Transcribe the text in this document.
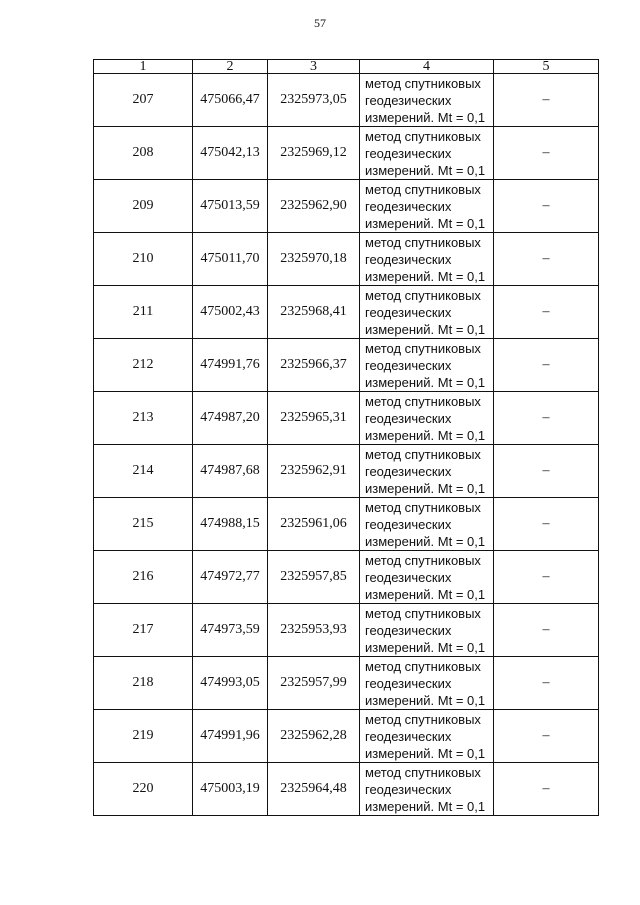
57
1	2	3	4	5
207	475066,47	2325973,05	метод спутниковых
геодезических
измерений. Mt = 0,1	–
208	475042,13	2325969,12	метод спутниковых
геодезических
измерений. Mt = 0,1	–
209	475013,59	2325962,90	метод спутниковых
геодезических
измерений. Mt = 0,1	–
210	475011,70	2325970,18	метод спутниковых
геодезических
измерений. Mt = 0,1	–
211	475002,43	2325968,41	метод спутниковых
геодезических
измерений. Mt = 0,1	–
212	474991,76	2325966,37	метод спутниковых
геодезических
измерений. Mt = 0,1	–
213	474987,20	2325965,31	метод спутниковых
геодезических
измерений. Mt = 0,1	–
214	474987,68	2325962,91	метод спутниковых
геодезических
измерений. Mt = 0,1	–
215	474988,15	2325961,06	метод спутниковых
геодезических
измерений. Mt = 0,1	–
216	474972,77	2325957,85	метод спутниковых
геодезических
измерений. Mt = 0,1	–
217	474973,59	2325953,93	метод спутниковых
геодезических
измерений. Mt = 0,1	–
218	474993,05	2325957,99	метод спутниковых
геодезических
измерений. Mt = 0,1	–
219	474991,96	2325962,28	метод спутниковых
геодезических
измерений. Mt = 0,1	–
220	475003,19	2325964,48	метод спутниковых
геодезических
измерений. Mt = 0,1	–
